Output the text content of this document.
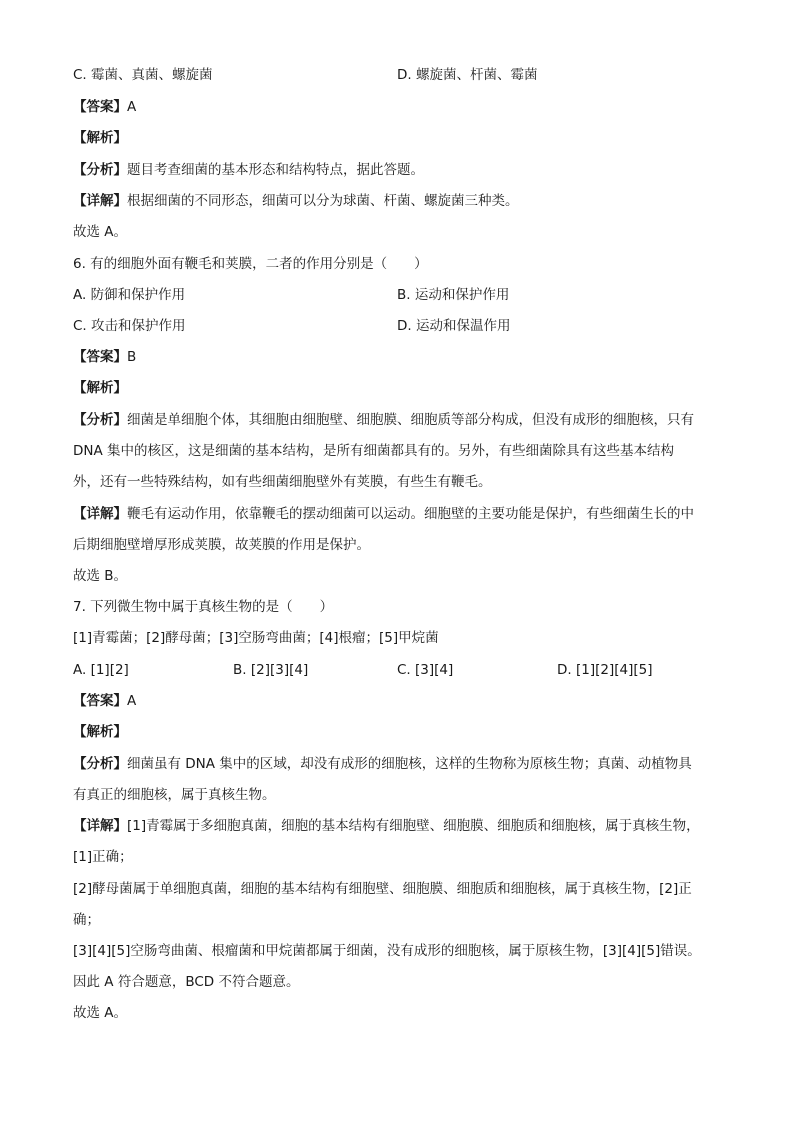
C. 霉菌、真菌、螺旋菌	D. 螺旋菌、杆菌、霉菌
【答案】A
【解析】
【分析】题目考查细菌的基本形态和结构特点，据此答题。
【详解】根据细菌的不同形态，细菌可以分为球菌、杆菌、螺旋菌三种类。
故选 A。
6. 有的细胞外面有鞭毛和荚膜，二者的作用分别是（　　）
A. 防御和保护作用	B. 运动和保护作用
C. 攻击和保护作用	D. 运动和保温作用
【答案】B
【解析】
【分析】细菌是单细胞个体，其细胞由细胞壁、细胞膜、细胞质等部分构成，但没有成形的细胞核，只有
DNA 集中的核区，这是细菌的基本结构，是所有细菌都具有的。另外，有些细菌除具有这些基本结构
外，还有一些特殊结构，如有些细菌细胞壁外有荚膜，有些生有鞭毛。
【详解】鞭毛有运动作用，依靠鞭毛的摆动细菌可以运动。细胞壁的主要功能是保护，有些细菌生长的中
后期细胞壁增厚形成荚膜，故荚膜的作用是保护。
故选 B。
7. 下列微生物中属于真核生物的是（　　）
[1]青霉菌；[2]酵母菌；[3]空肠弯曲菌；[4]根瘤；[5]甲烷菌
A. [1][2]	B. [2][3][4]	C. [3][4]	D. [1][2][4][5]
【答案】A
【解析】
【分析】细菌虽有 DNA 集中的区域，却没有成形的细胞核，这样的生物称为原核生物；真菌、动植物具
有真正的细胞核，属于真核生物。
【详解】[1]青霉属于多细胞真菌，细胞的基本结构有细胞壁、细胞膜、细胞质和细胞核，属于真核生物，
[1]正确；
[2]酵母菌属于单细胞真菌，细胞的基本结构有细胞壁、细胞膜、细胞质和细胞核，属于真核生物，[2]正
确；
[3][4][5]空肠弯曲菌、根瘤菌和甲烷菌都属于细菌，没有成形的细胞核，属于原核生物，[3][4][5]错误。
因此 A 符合题意，BCD 不符合题意。
故选 A。
